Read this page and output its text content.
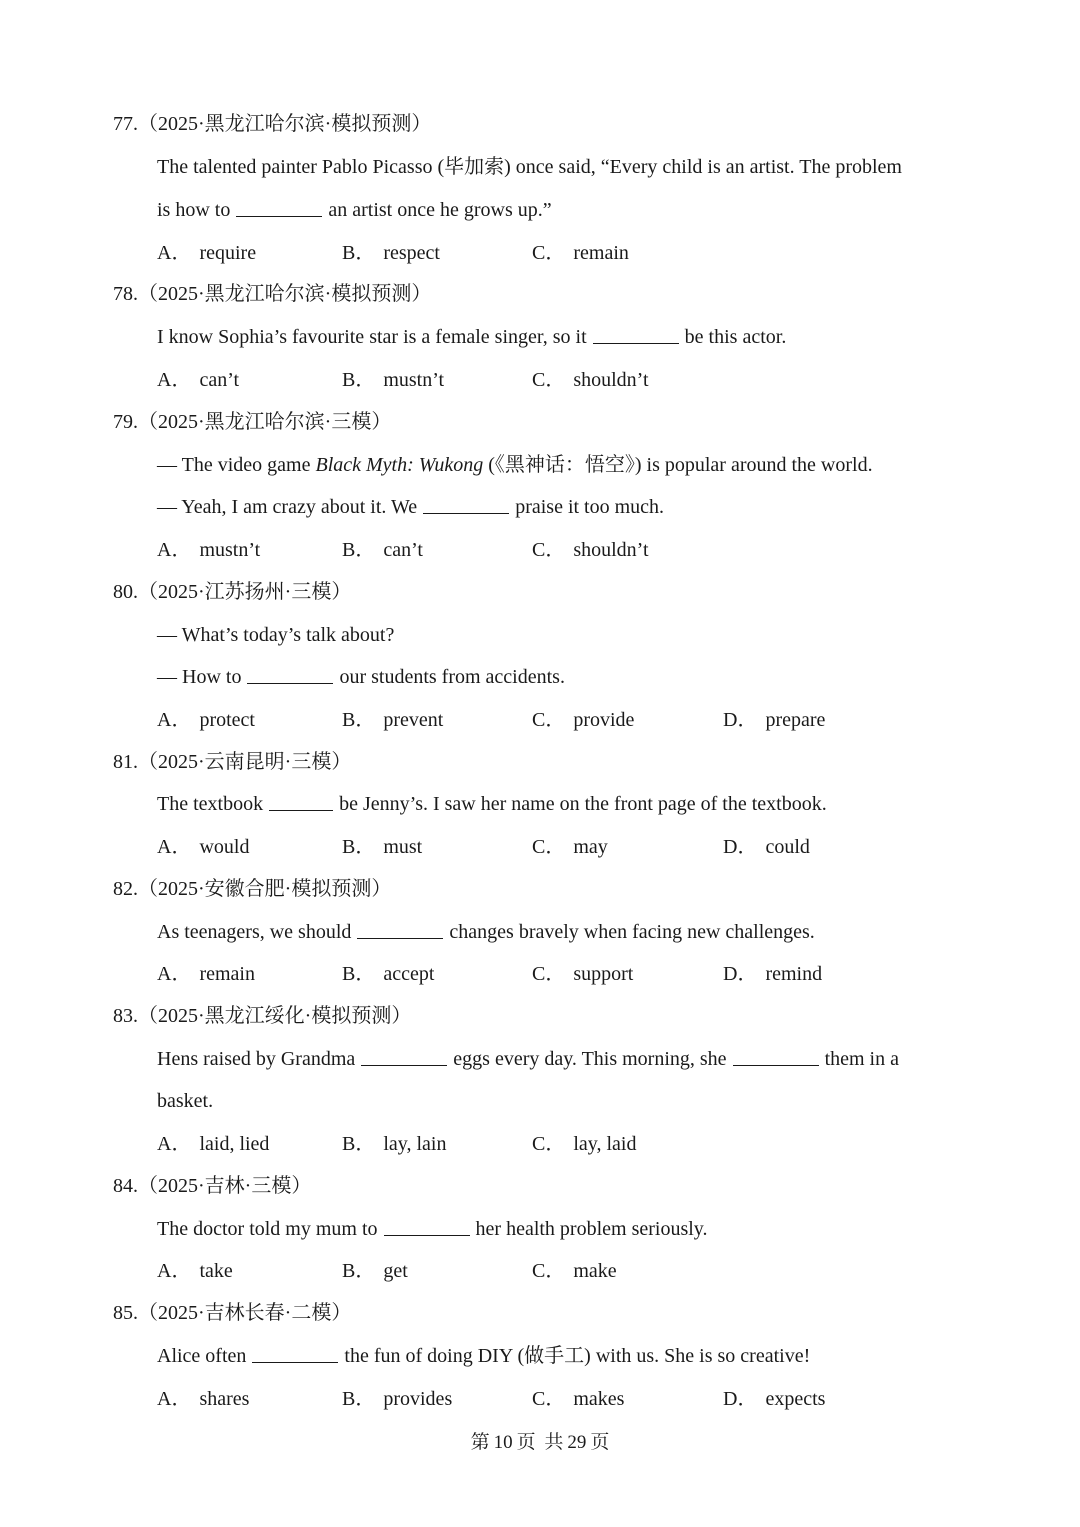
77.（2025·黑龙江哈尔滨·模拟预测）
The talented painter Pablo Picasso (毕加索) once said, “Every child is an artist. The problem
is how to	an artist once he grows up.”
A． require	B． respect	C． remain
78.（2025·黑龙江哈尔滨·模拟预测）
I know Sophia’s favourite star is a female singer, so it	be this actor.
A． can’t	B． mustn’t	C． shouldn’t
79.（2025·黑龙江哈尔滨·三模）
— The video game Black Myth: Wukong (《黑神话：悟空》) is popular around the world.
— Yeah, I am crazy about it. We	praise it too much.
A． mustn’t	B． can’t	C． shouldn’t
80.（2025·江苏扬州·三模）
— What’s today’s talk about?
— How to	our students from accidents.
A． protect	B． prevent	C． provide	D． prepare
81.（2025·云南昆明·三模）
The textbook	be Jenny’s. I saw her name on the front page of the textbook.
A． would	B． must	C． may	D． could
82.（2025·安徽合肥·模拟预测）
As teenagers, we should	changes bravely when facing new challenges.
A． remain	B． accept	C． support	D． remind
83.（2025·黑龙江绥化·模拟预测）
Hens raised by Grandma	eggs every day. This morning, she	them in a
basket.
A． laid, lied	B． lay, lain	C． lay, laid
84.（2025·吉林·三模）
The doctor told my mum to	her health problem seriously.
A． take	B． get	C． make
85.（2025·吉林长春·二模）
Alice often	the fun of doing DIY (做手工) with us. She is so creative!
A． shares	B． provides	C． makes	D． expects
第 10 页 共 29 页
